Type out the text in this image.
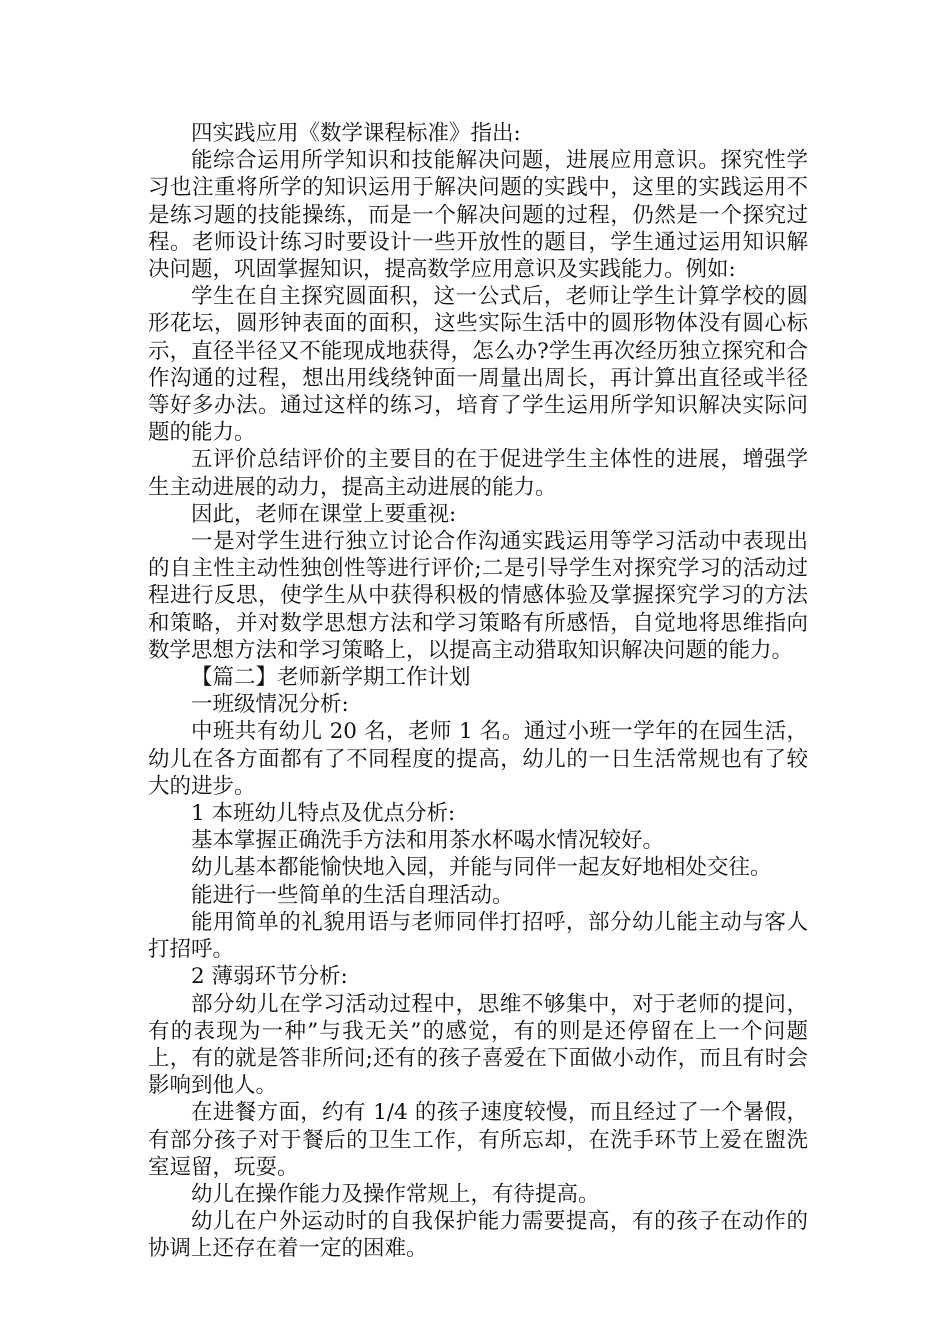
四实践应用《数学课程标准》指出:

能综合运用所学知识和技能解决问题，进展应用意识。探究性学习也注重将所学的知识运用于解决问题的实践中，这里的实践运用不是练习题的技能操练，而是一个解决问题的过程，仍然是一个探究过程。老师设计练习时要设计一些开放性的题目，学生通过运用知识解决问题，巩固掌握知识，提高数学应用意识及实践能力。例如:

学生在自主探究圆面积，这一公式后，老师让学生计算学校的圆形花坛，圆形钟表面的面积，这些实际生活中的圆形物体没有圆心标示，直径半径又不能现成地获得，怎么办?学生再次经历独立探究和合作沟通的过程，想出用线绕钟面一周量出周长，再计算出直径或半径等好多办法。通过这样的练习，培育了学生运用所学知识解决实际问题的能力。

五评价总结评价的主要目的在于促进学生主体性的进展，增强学生主动进展的动力，提高主动进展的能力。

因此，老师在课堂上要重视:

一是对学生进行独立讨论合作沟通实践运用等学习活动中表现出的自主性主动性独创性等进行评价;二是引导学生对探究学习的活动过程进行反思，使学生从中获得积极的情感体验及掌握探究学习的方法和策略，并对数学思想方法和学习策略有所感悟，自觉地将思维指向数学思想方法和学习策略上，以提高主动猎取知识解决问题的能力。

【篇二】老师新学期工作计划

一班级情况分析:

中班共有幼儿 20 名，老师 1 名。通过小班一学年的在园生活，幼儿在各方面都有了不同程度的提高，幼儿的一日生活常规也有了较大的进步。

1 本班幼儿特点及优点分析:

基本掌握正确洗手方法和用茶水杯喝水情况较好。

幼儿基本都能愉快地入园，并能与同伴一起友好地相处交往。

能进行一些简单的生活自理活动。

能用简单的礼貌用语与老师同伴打招呼，部分幼儿能主动与客人打招呼。

2 薄弱环节分析:

部分幼儿在学习活动过程中，思维不够集中，对于老师的提问，有的表现为一种”与我无关”的感觉，有的则是还停留在上一个问题上，有的就是答非所问;还有的孩子喜爱在下面做小动作，而且有时会影响到他人。

在进餐方面，约有 1/4 的孩子速度较慢，而且经过了一个暑假，有部分孩子对于餐后的卫生工作，有所忘却，在洗手环节上爱在盥洗室逗留，玩耍。

幼儿在操作能力及操作常规上，有待提高。

幼儿在户外运动时的自我保护能力需要提高，有的孩子在动作的协调上还存在着一定的困难。
